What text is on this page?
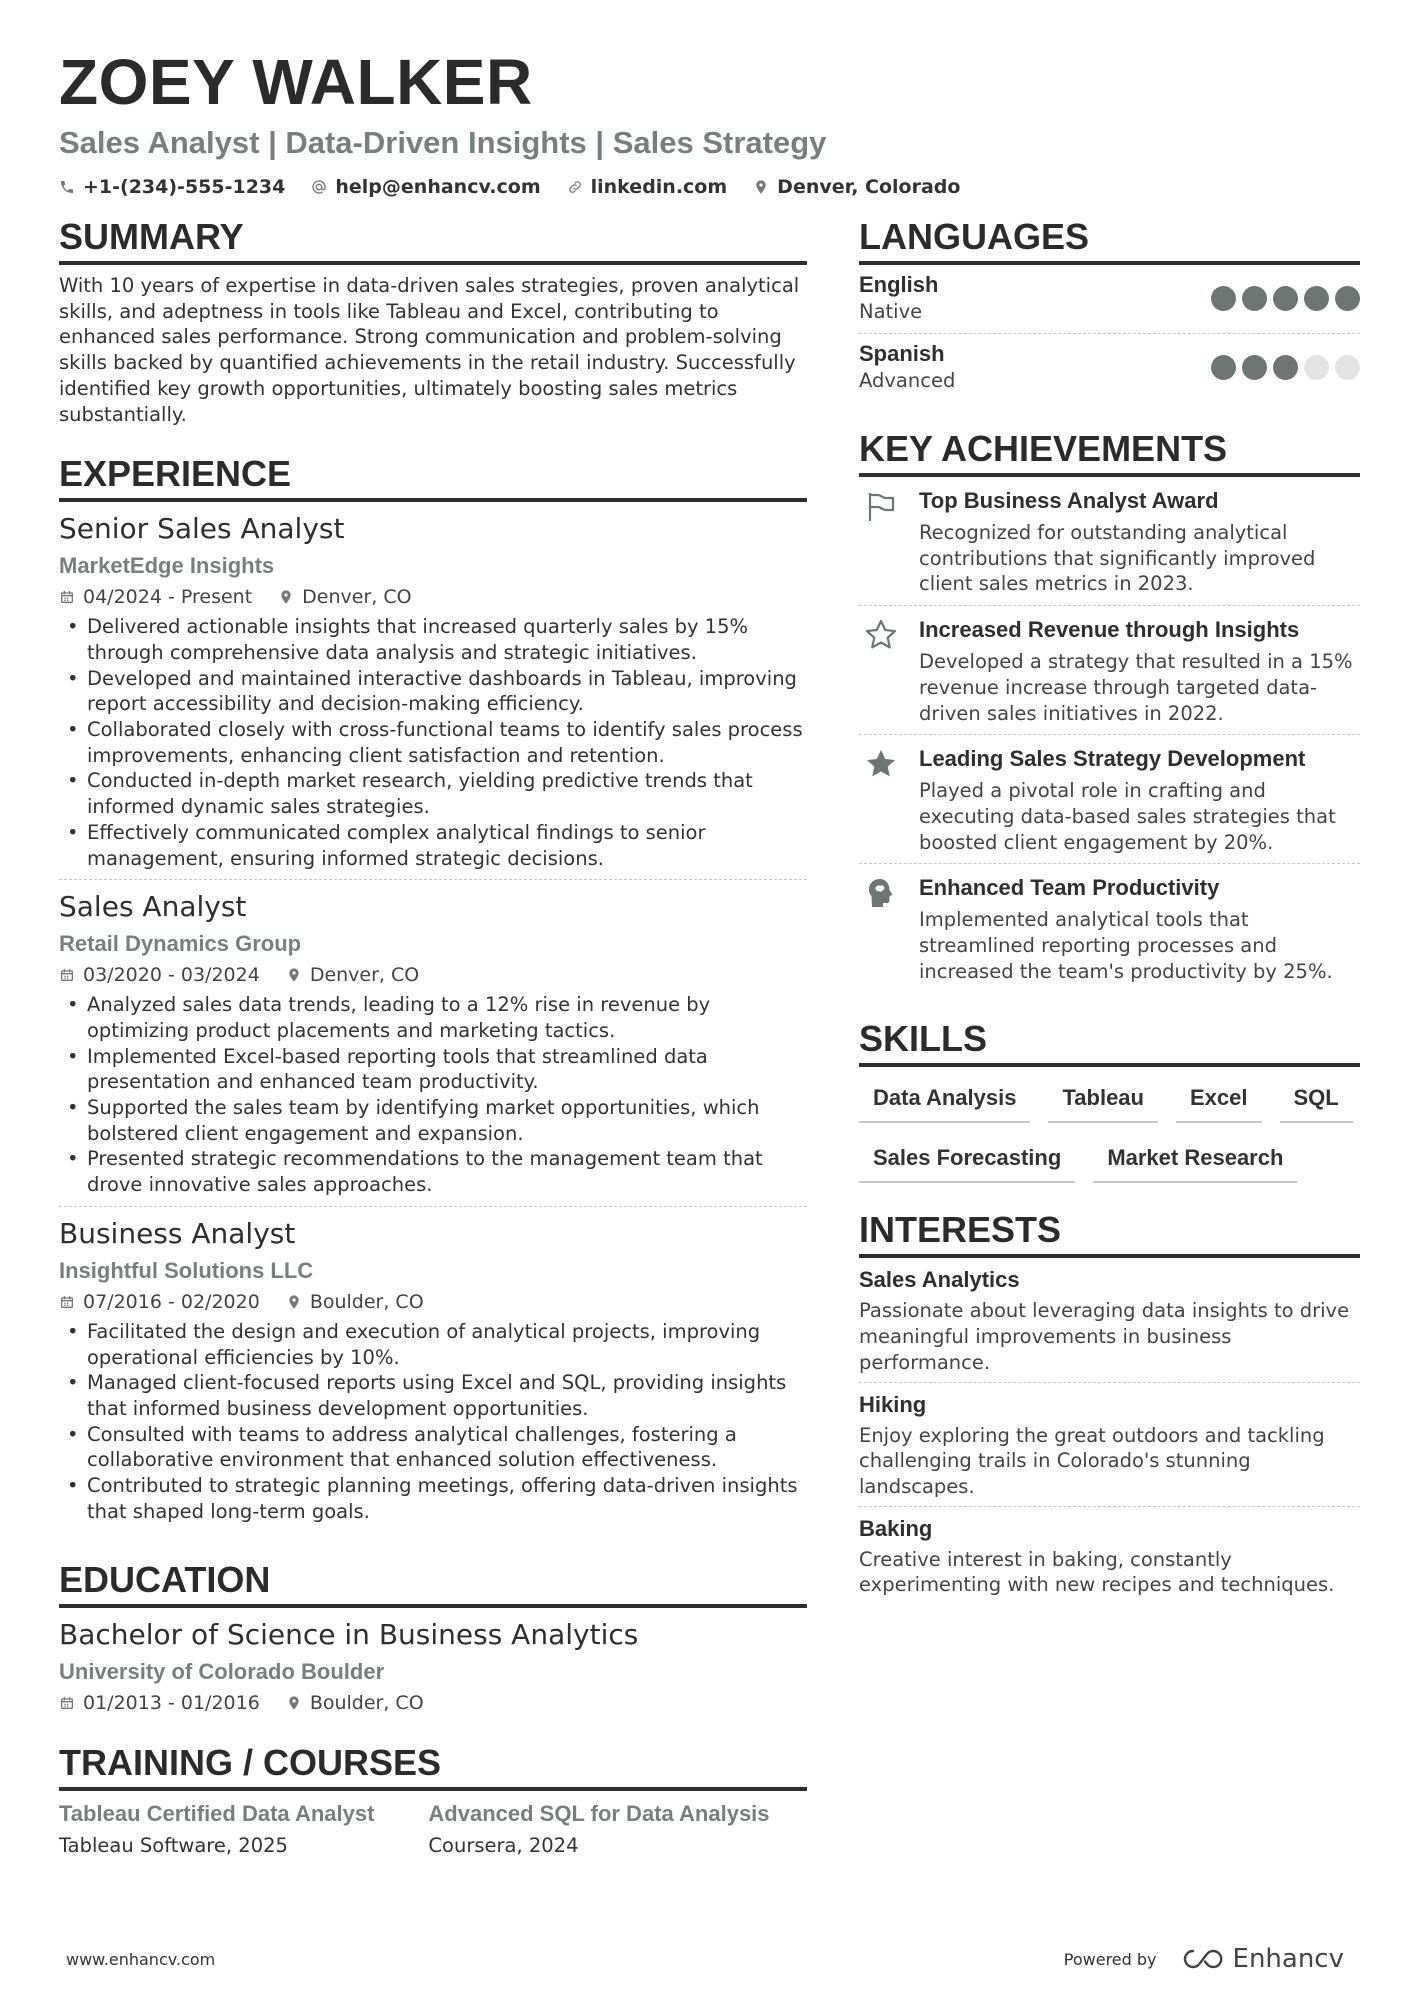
ZOEY WALKER
Sales Analyst | Data-Driven Insights | Sales Strategy
+1-(234)-555-1234	help@enhancv.com	linkedin.com	Denver, Colorado
SUMMARY
With 10 years of expertise in data-driven sales strategies, proven analytical skills, and adeptness in tools like Tableau and Excel, contributing to enhanced sales performance. Strong communication and problem-solving skills backed by quantified achievements in the retail industry. Successfully identified key growth opportunities, ultimately boosting sales metrics substantially.
EXPERIENCE
Senior Sales Analyst
MarketEdge Insights
04/2024 - Present	Denver, CO
• Delivered actionable insights that increased quarterly sales by 15% through comprehensive data analysis and strategic initiatives.
• Developed and maintained interactive dashboards in Tableau, improving report accessibility and decision-making efficiency.
• Collaborated closely with cross-functional teams to identify sales process improvements, enhancing client satisfaction and retention.
• Conducted in-depth market research, yielding predictive trends that informed dynamic sales strategies.
• Effectively communicated complex analytical findings to senior management, ensuring informed strategic decisions.
Sales Analyst
Retail Dynamics Group
03/2020 - 03/2024	Denver, CO
• Analyzed sales data trends, leading to a 12% rise in revenue by optimizing product placements and marketing tactics.
• Implemented Excel-based reporting tools that streamlined data presentation and enhanced team productivity.
• Supported the sales team by identifying market opportunities, which bolstered client engagement and expansion.
• Presented strategic recommendations to the management team that drove innovative sales approaches.
Business Analyst
Insightful Solutions LLC
07/2016 - 02/2020	Boulder, CO
• Facilitated the design and execution of analytical projects, improving operational efficiencies by 10%.
• Managed client-focused reports using Excel and SQL, providing insights that informed business development opportunities.
• Consulted with teams to address analytical challenges, fostering a collaborative environment that enhanced solution effectiveness.
• Contributed to strategic planning meetings, offering data-driven insights that shaped long-term goals.
EDUCATION
Bachelor of Science in Business Analytics
University of Colorado Boulder
01/2013 - 01/2016	Boulder, CO
TRAINING / COURSES
Tableau Certified Data Analyst
Tableau Software, 2025
Advanced SQL for Data Analysis
Coursera, 2024
LANGUAGES
English
Native
Spanish
Advanced
KEY ACHIEVEMENTS
Top Business Analyst Award
Recognized for outstanding analytical contributions that significantly improved client sales metrics in 2023.
Increased Revenue through Insights
Developed a strategy that resulted in a 15% revenue increase through targeted data-driven sales initiatives in 2022.
Leading Sales Strategy Development
Played a pivotal role in crafting and executing data-based sales strategies that boosted client engagement by 20%.
Enhanced Team Productivity
Implemented analytical tools that streamlined reporting processes and increased the team's productivity by 25%.
SKILLS
Data Analysis	Tableau	Excel	SQL
Sales Forecasting	Market Research
INTERESTS
Sales Analytics
Passionate about leveraging data insights to drive meaningful improvements in business performance.
Hiking
Enjoy exploring the great outdoors and tackling challenging trails in Colorado's stunning landscapes.
Baking
Creative interest in baking, constantly experimenting with new recipes and techniques.
www.enhancv.com	Powered by	Enhancv
